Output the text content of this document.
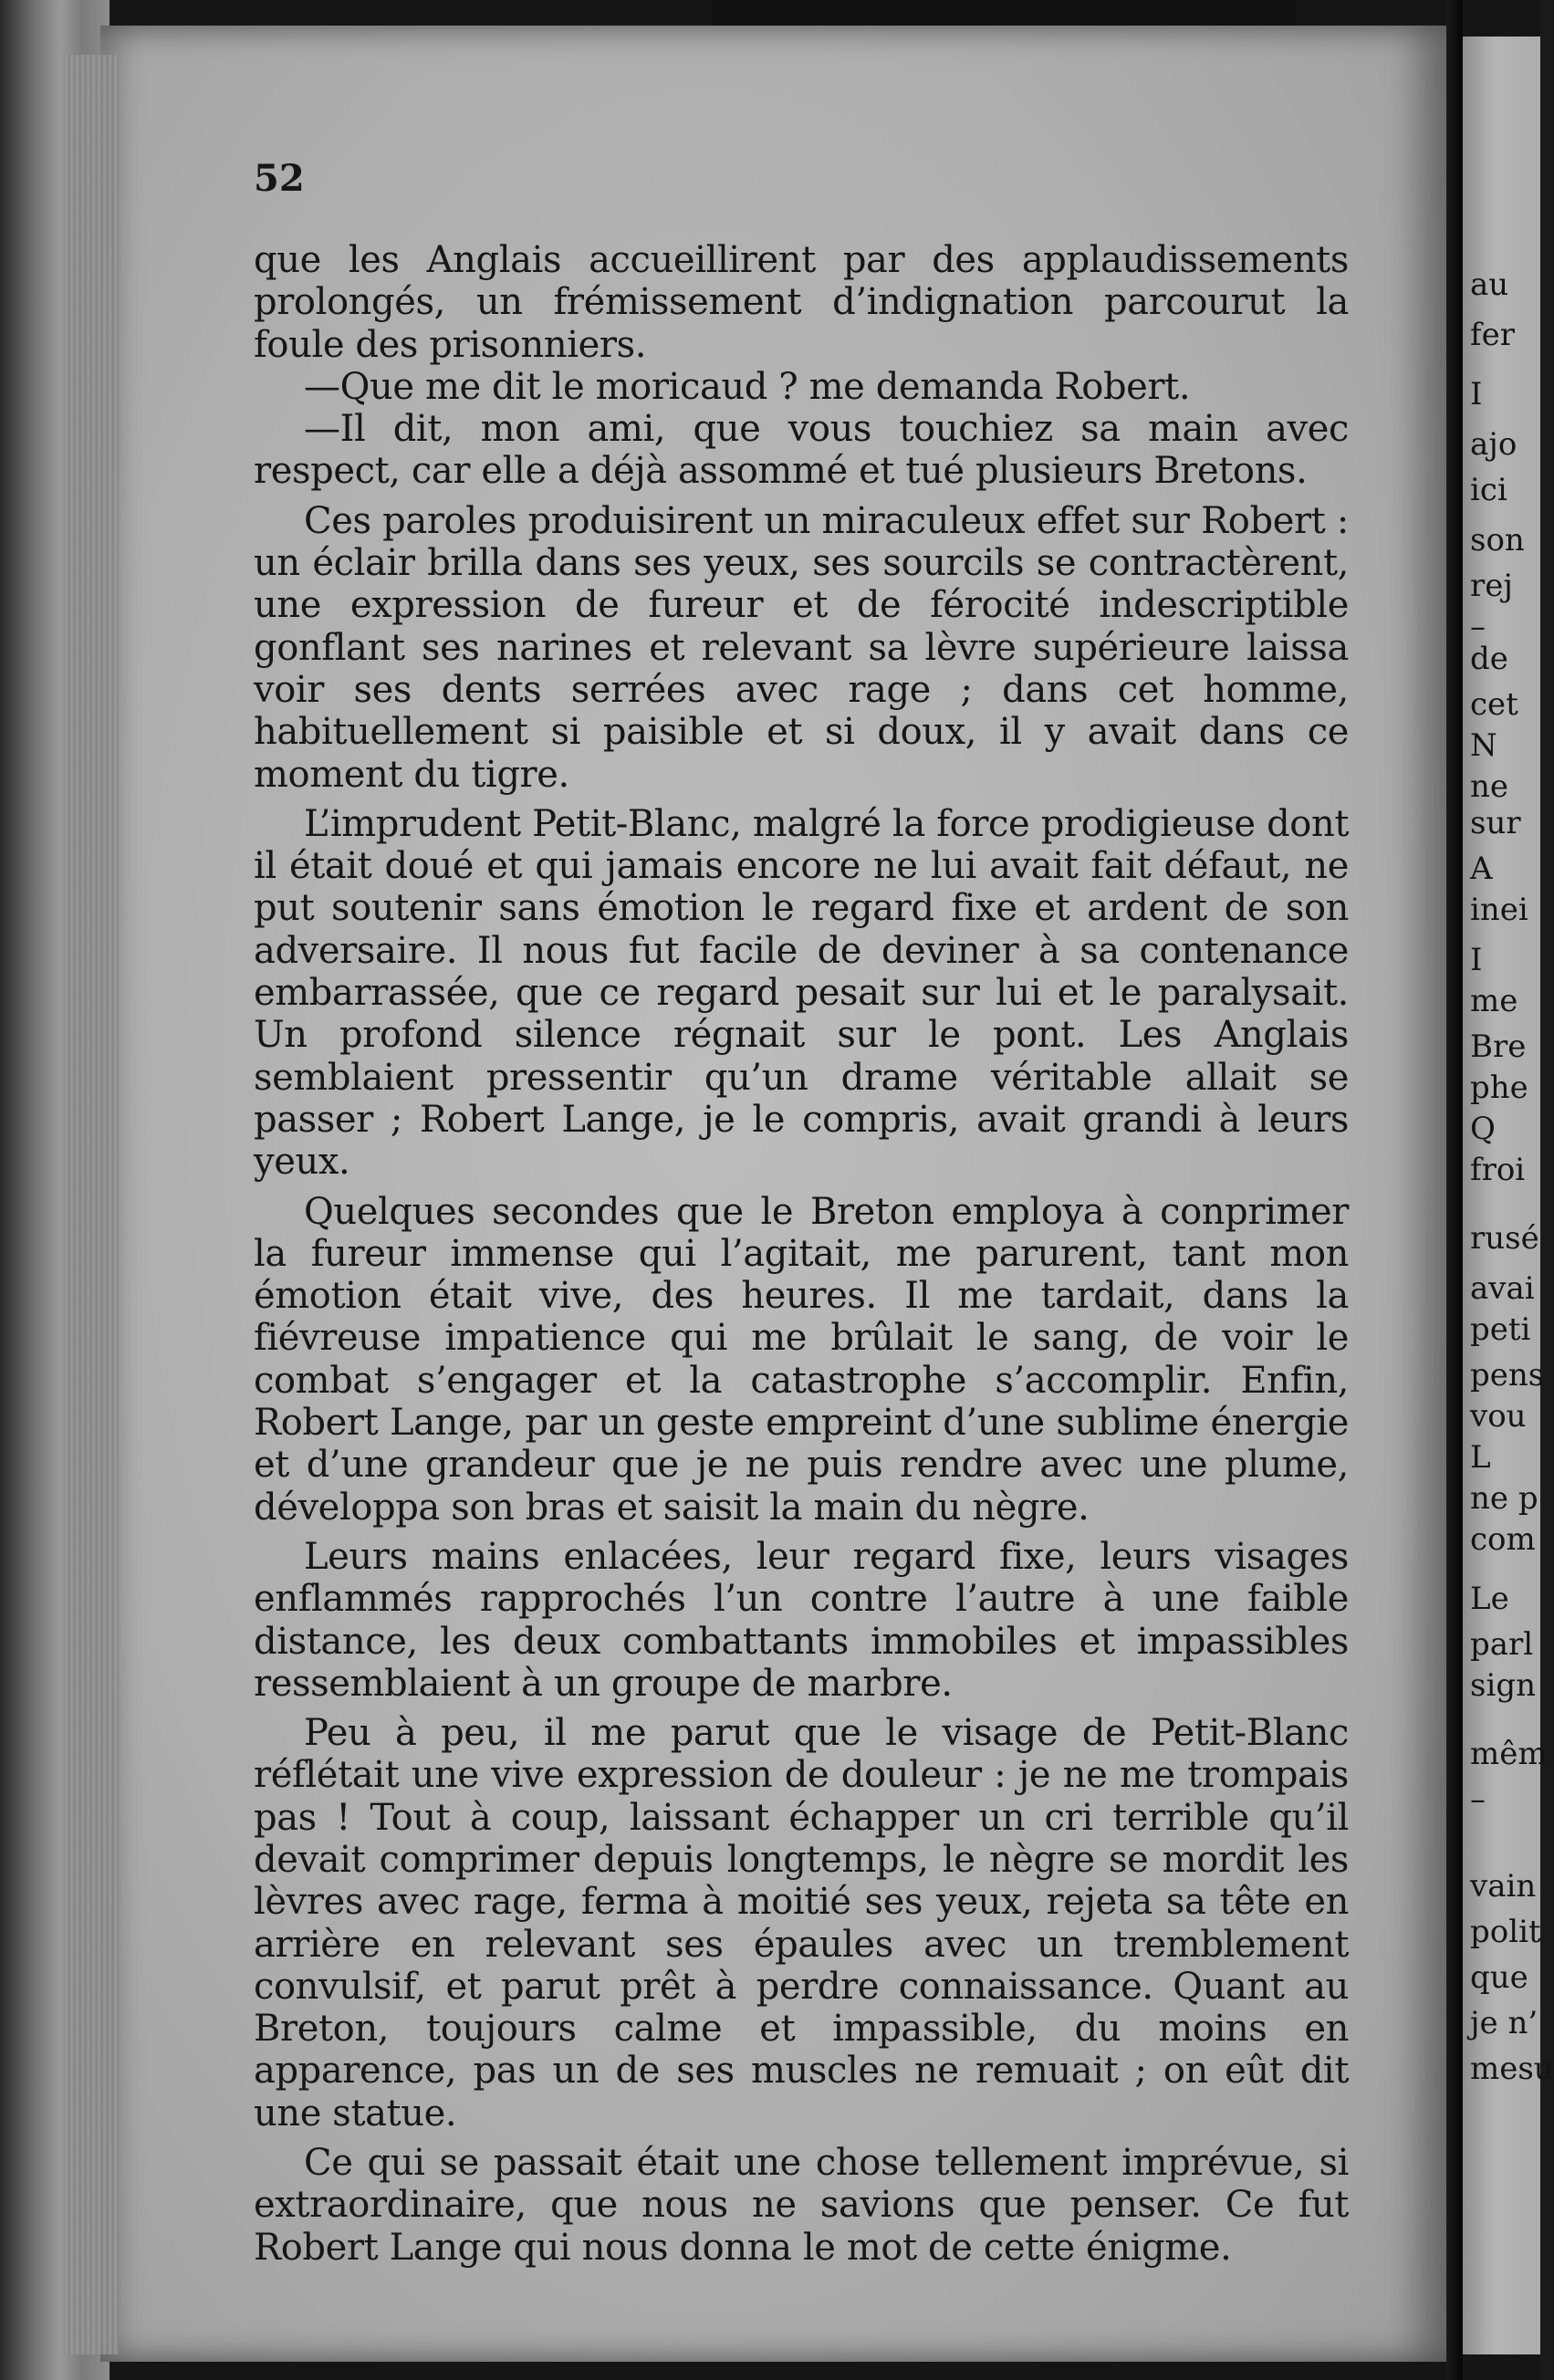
52

que les Anglais accueillirent par des applaudissements prolongés, un frémissement d’indignation parcourut la foule des prisonniers.

—Que me dit le moricaud ? me demanda Robert.

—Il dit, mon ami, que vous touchiez sa main avec respect, car elle a déjà assommé et tué plusieurs Bretons.

Ces paroles produisirent un miraculeux effet sur Robert : un éclair brilla dans ses yeux, ses sourcils se contractèrent, une expression de fureur et de férocité indescriptible gonflant ses narines et relevant sa lèvre supérieure laissa voir ses dents serrées avec rage ; dans cet homme, habituellement si paisible et si doux, il y avait dans ce moment du tigre.

L’imprudent Petit-Blanc, malgré la force prodigieuse dont il était doué et qui jamais encore ne lui avait fait défaut, ne put soutenir sans émotion le regard fixe et ardent de son adversaire. Il nous fut facile de deviner à sa contenance embarrassée, que ce regard pesait sur lui et le paralysait. Un profond silence régnait sur le pont. Les Anglais semblaient pressentir qu’un drame véritable allait se passer ; Robert Lange, je le compris, avait grandi à leurs yeux.

Quelques secondes que le Breton employa à conprimer la fureur immense qui l’agitait, me parurent, tant mon émotion était vive, des heures. Il me tardait, dans la fiévreuse impatience qui me brûlait le sang, de voir le combat s’engager et la catastrophe s’accomplir. Enfin, Robert Lange, par un geste empreint d’une sublime énergie et d’une grandeur que je ne puis rendre avec une plume, développa son bras et saisit la main du nègre.

Leurs mains enlacées, leur regard fixe, leurs visages enflammés rapprochés l’un contre l’autre à une faible distance, les deux combattants immobiles et impassibles ressemblaient à un groupe de marbre.

Peu à peu, il me parut que le visage de Petit-Blanc réflétait une vive expression de douleur : je ne me trompais pas ! Tout à coup, laissant échapper un cri terrible qu’il devait comprimer depuis longtemps, le nègre se mordit les lèvres avec rage, ferma à moitié ses yeux, rejeta sa tête en arrière en relevant ses épaules avec un tremblement convulsif, et parut prêt à perdre connaissance. Quant au Breton, toujours calme et impassible, du moins en apparence, pas un de ses muscles ne remuait ; on eût dit une statue.

Ce qui se passait était une chose tellement imprévue, si extraordinaire, que nous ne savions que penser. Ce fut Robert Lange qui nous donna le mot de cette énigme.

au
fer
I
ajo
ici
son
rej
–
de
cet
N
ne
sur
A
inei
I
me
Bre
phe
Q
froi
rusé
avai
peti
pens
vou
L
ne p
com
Le
parl
sign
mêm
–
vain
polit
que
je n’
mesu
